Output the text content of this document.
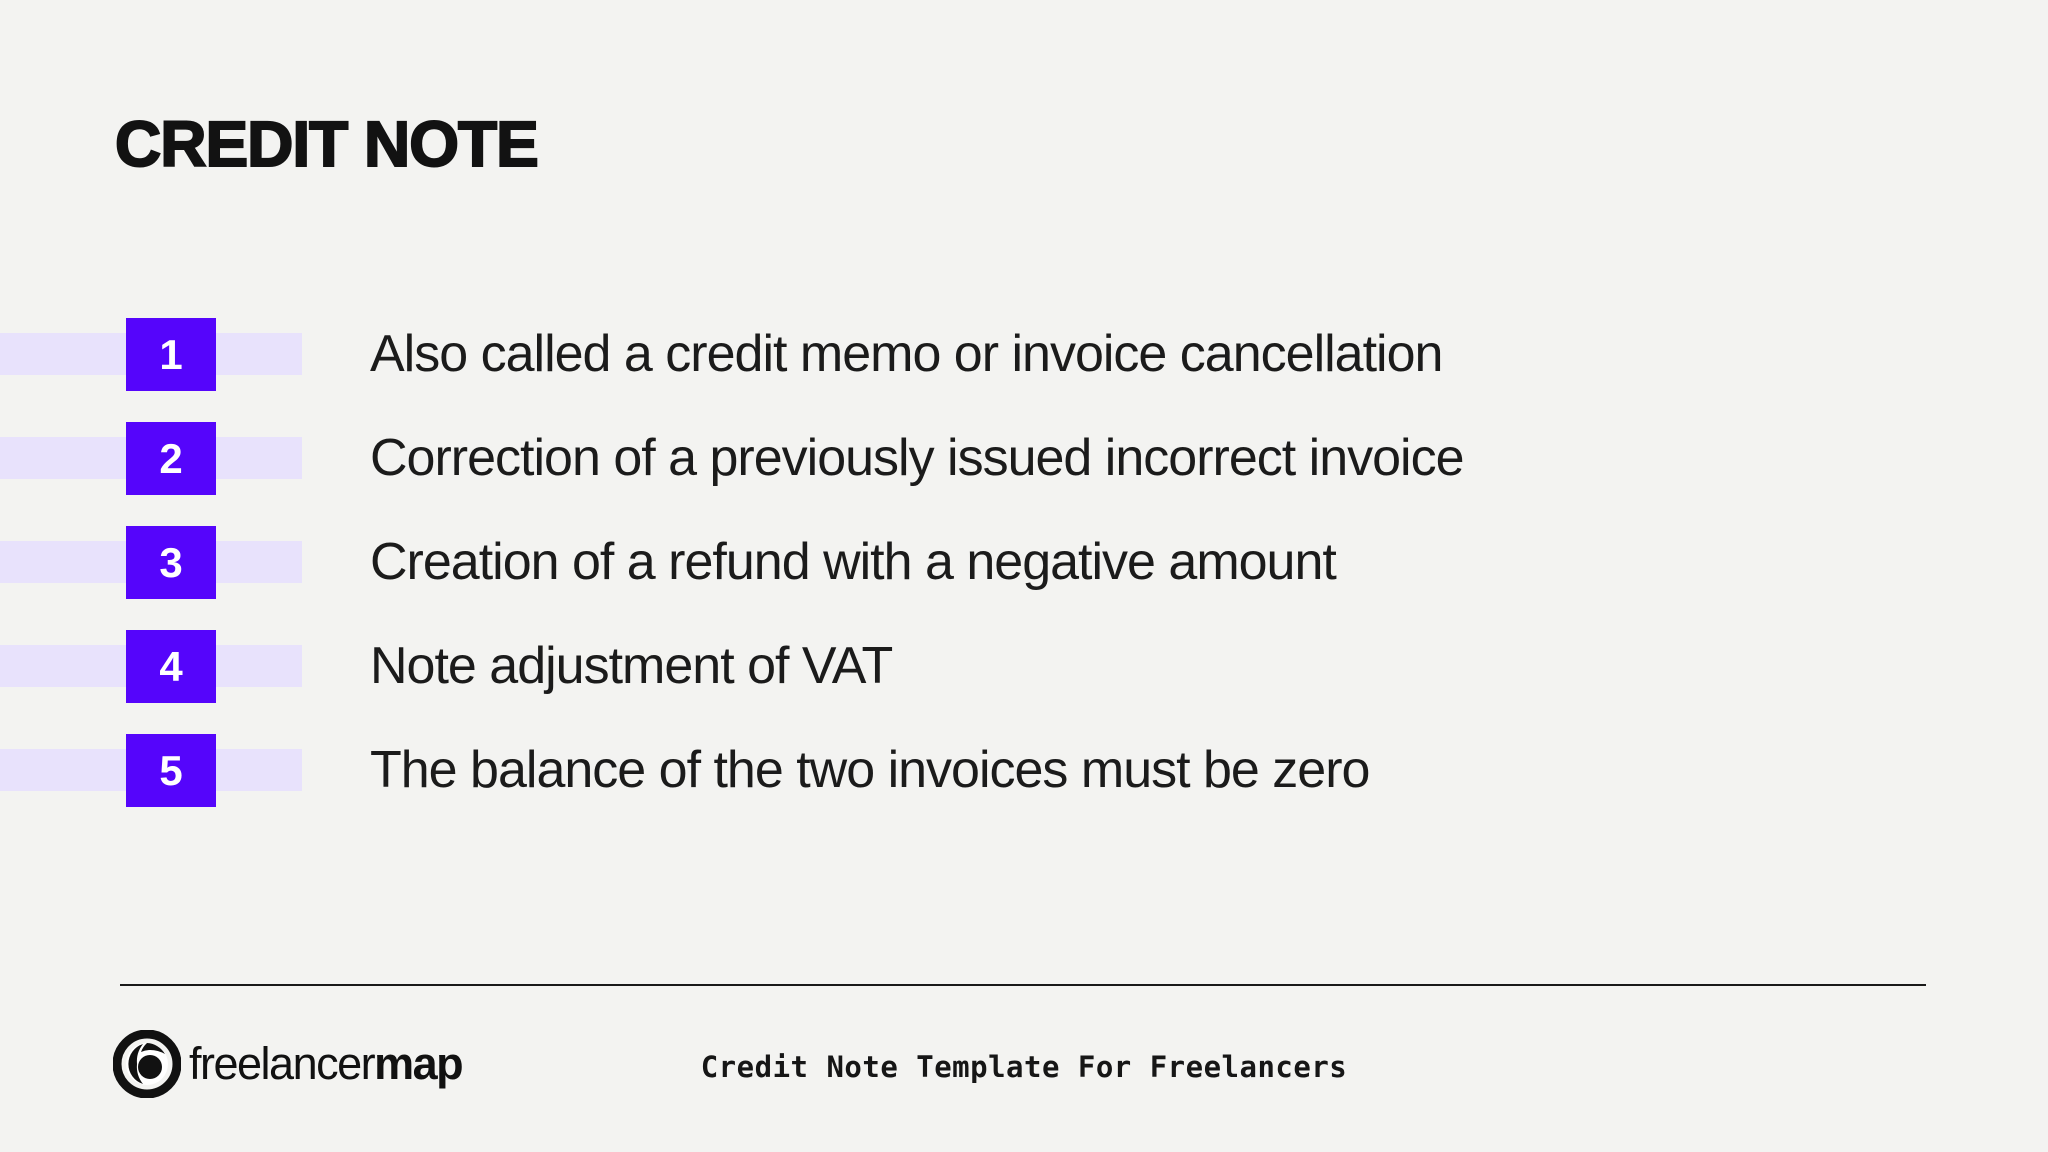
CREDIT NOTE
1	Also called a credit memo or invoice cancellation
2	Correction of a previously issued incorrect invoice
3	Creation of a refund with a negative amount
4	Note adjustment of VAT
5	The balance of the two invoices must be zero
freelancermap	Credit Note Template For Freelancers
